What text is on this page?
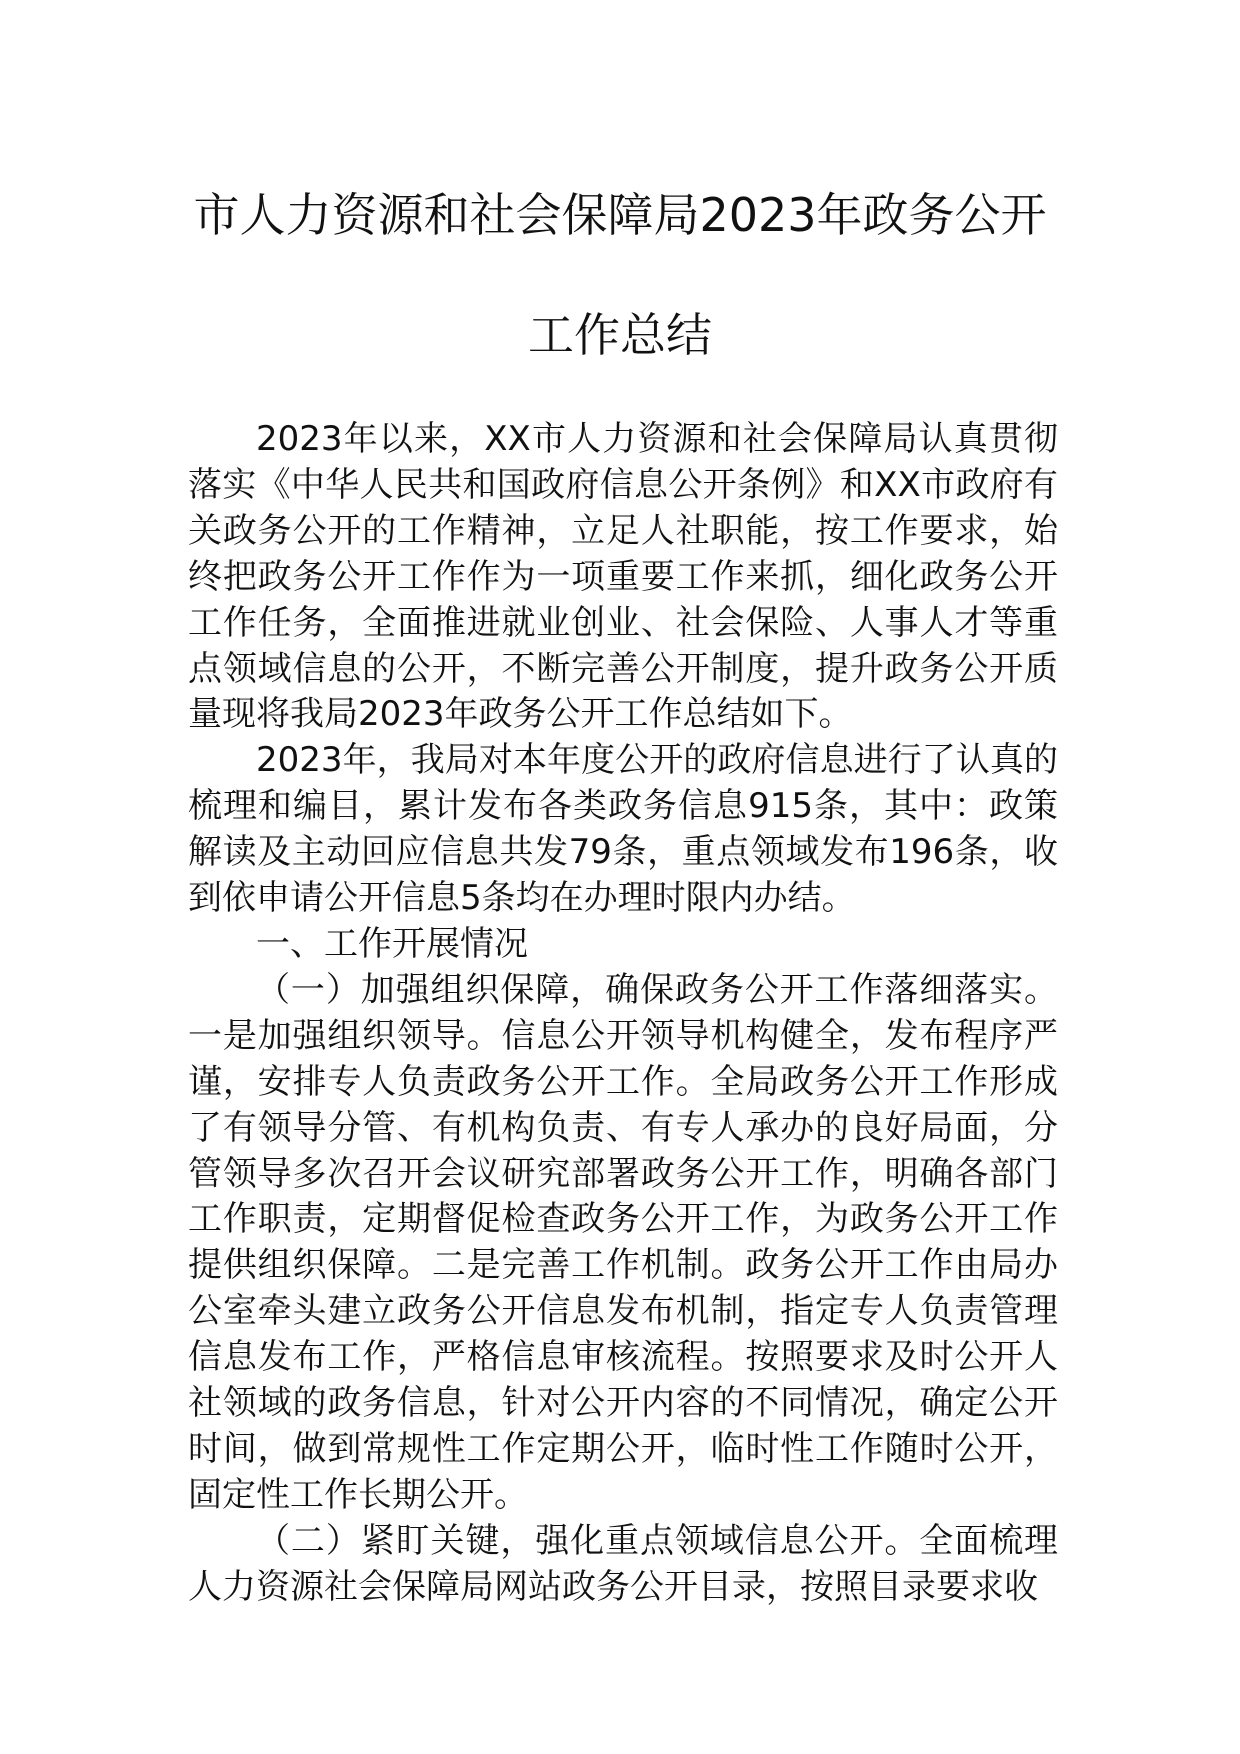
市人力资源和社会保障局2023年政务公开
工作总结

2023年以来，XX市人力资源和社会保障局认真贯彻落实《中华人民共和国政府信息公开条例》和XX市政府有关政务公开的工作精神，立足人社职能，按工作要求，始终把政务公开工作作为一项重要工作来抓，细化政务公开工作任务，全面推进就业创业、社会保险、人事人才等重点领域信息的公开，不断完善公开制度，提升政务公开质量现将我局2023年政务公开工作总结如下。

2023年，我局对本年度公开的政府信息进行了认真的梳理和编目，累计发布各类政务信息915条，其中：政策解读及主动回应信息共发79条，重点领域发布196条，收到依申请公开信息5条均在办理时限内办结。

一、工作开展情况

（一）加强组织保障，确保政务公开工作落细落实。一是加强组织领导。信息公开领导机构健全，发布程序严谨，安排专人负责政务公开工作。全局政务公开工作形成了有领导分管、有机构负责、有专人承办的良好局面，分管领导多次召开会议研究部署政务公开工作，明确各部门工作职责，定期督促检查政务公开工作，为政务公开工作提供组织保障。二是完善工作机制。政务公开工作由局办公室牵头建立政务公开信息发布机制，指定专人负责管理信息发布工作，严格信息审核流程。按照要求及时公开人社领域的政务信息，针对公开内容的不同情况，确定公开时间，做到常规性工作定期公开，临时性工作随时公开，固定性工作长期公开。

（二）紧盯关键，强化重点领域信息公开。全面梳理人力资源社会保障局网站政务公开目录，按照目录要求收
